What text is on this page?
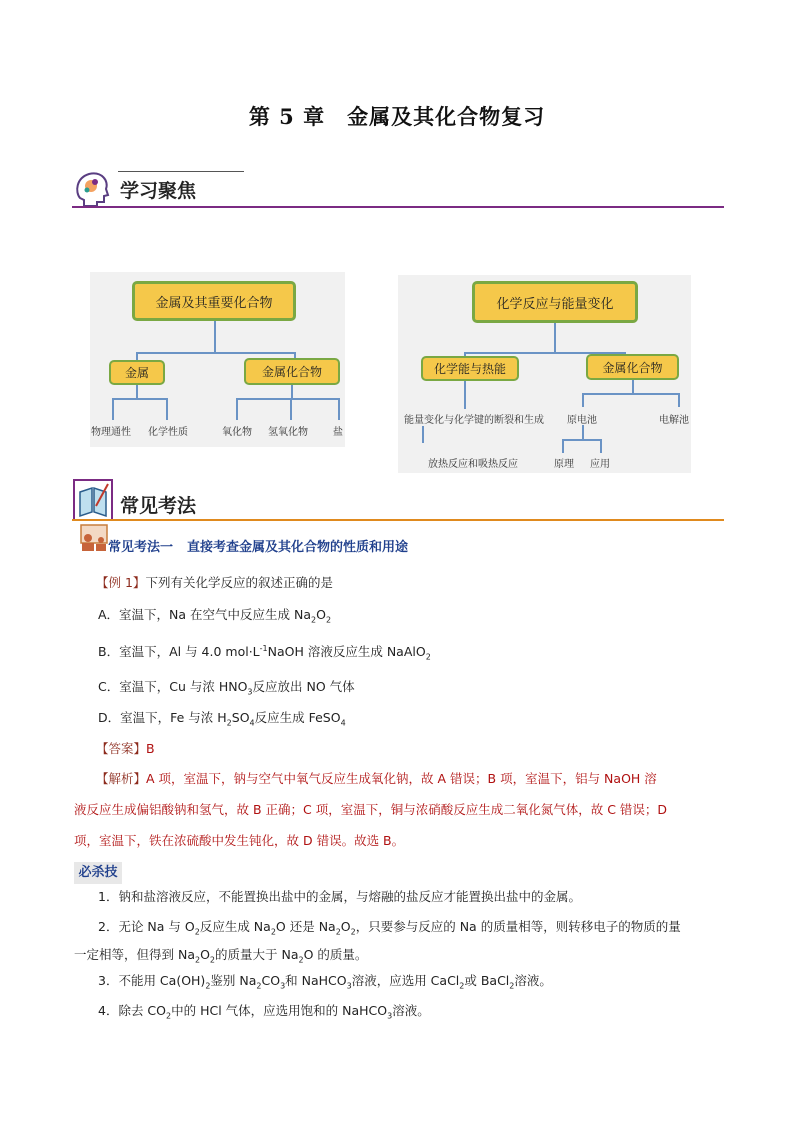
第 5 章 金属及其化合物复习
学习聚焦
金属及其重要化合物
金属	金属化合物
物理通性 化学性质	氧化物 氢氧化物	盐
化学反应与能量变化
化学能与热能	金属化合物
能量变化与化学键的断裂和生成
放热反应和吸热反应
原电池	电解池
原理 应用
常见考法
常见考法一 直接考查金属及其化合物的性质和用途
【例 1】下列有关化学反应的叙述正确的是
A．室温下，Na 在空气中反应生成 $Na_2O_2$
B．室温下，Al 与 4.0 $mol\cdot L^{-1}NaOH$ 溶液反应生成 NaAlO$_2$
C．室温下，Cu 与浓 $HNO_3$反应放出 NO 气体
D．室温下，Fe 与浓 $H_2SO_4$反应生成 FeSO$_4$
【答案】B
【解析】A 项，室温下，钠与空气中氧气反应生成氧化钠，故 A 错误；B 项，室温下，铝与 NaOH 溶
液反应生成偏铝酸钠和氢气，故 B 正确；C 项，室温下，铜与浓硝酸反应生成二氧化氮气体，故 C 错误；D
项，室温下，铁在浓硫酸中发生钝化，故 D 错误。故选 B。
必杀技
1．钠和盐溶液反应，不能置换出盐中的金属，与熔融的盐反应才能置换出盐中的金属。
2．无论 Na 与 $O_2$反应生成 $Na_2O$ 还是 $Na_2O_2$，只要参与反应的 Na 的质量相等，则转移电子的物质的量
一定相等，但得到 $Na_2O_2$的质量大于 $Na_2O$ 的质量。
3．不能用 $Ca(OH)_2$鉴别 $Na_2CO_3$和 NaHCO$_3$溶液，应选用 CaCl$_2$或 BaCl$_2$溶液。
4．除去 $CO_2$中的 HCl 气体，应选用饱和的 NaHCO$_3$溶液。
